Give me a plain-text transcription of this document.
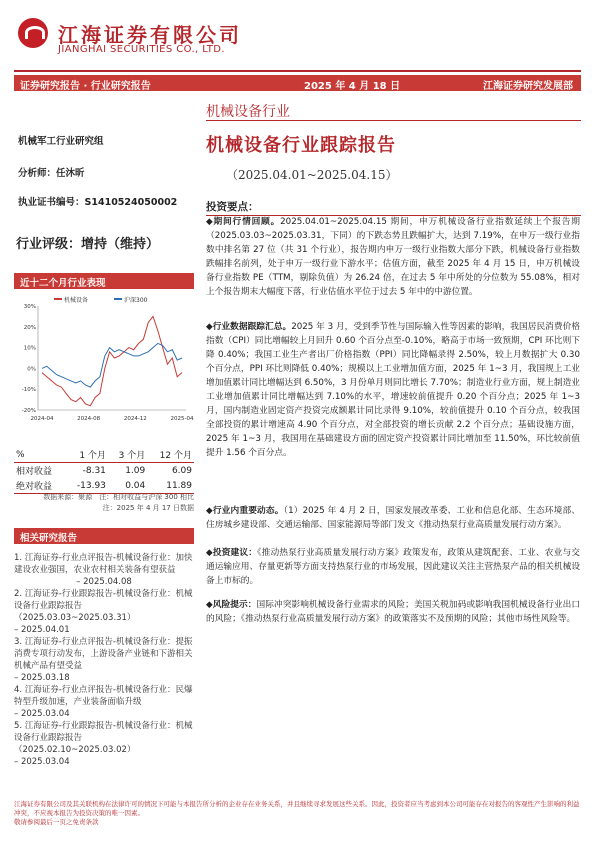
江海证券有限公司
JIANGHAI SECURITIES CO., LTD.
证券研究报告 · 行业研究报告	2025 年 4 月 18 日	江海证券研究发展部
机械设备行业
机械设备行业跟踪报告
（2025.04.01~2025.04.15）
机械军工行业研究组
分析师：任沐昕
执业证书编号：S1410524050002
行业评级：增持（维持）
近十二个月行业表现
-20%
-10%
0%
10%
20%
30%
2024-04	2024-08	2024-12	2025-04
机械设备	沪深300
%	1 个月	3 个月	12 个月
相对收益	-8.31	1.09	6.09
绝对收益	-13.93	0.04	11.89
数据来源：聚源　注：相对收益与沪深 300 相比
注：2025 年 4 月 17 日数据
相关研究报告
1. 江海证券-行业点评报告-机械设备行业：加快建设农业强国，农业农村相关装备有望获益
– 2025.04.08
2. 江海证券-行业跟踪报告-机械设备行业：机械设备行业跟踪报告（2025.03.03~2025.03.31）
– 2025.04.01
3. 江海证券-行业点评报告-机械设备行业：提振消费专项行动发布，上游设备产业链和下游相关机械产品有望受益
– 2025.03.18
4. 江海证券-行业点评报告-机械设备行业：民爆特型升级加速，产业装备面临升级
– 2025.03.04
5. 江海证券-行业跟踪报告-机械设备行业：机械设备行业跟踪报告（2025.02.10~2025.03.02）
– 2025.03.04
投资要点：
◆期间行情回顾。2025.04.01~2025.04.15 期间，申万机械设备行业指数延续上个报告期（2025.03.03~2025.03.31，下同）的下跌态势且跌幅扩大，达到 7.19%，在申万一级行业指数中排名第 27 位（共 31 个行业），报告期内申万一级行业指数大部分下跌，机械设备行业指数跌幅排名前列，处于申万一级行业下游水平；估值方面，截至 2025 年 4 月 15 日，申万机械设备行业指数 PE（TTM，剔除负值）为 26.24 倍，在过去 5 年中所处的分位数为 55.08%，相对上个报告期末大幅度下落，行业估值水平位于过去 5 年中的中游位置。
◆行业数据跟踪汇总。2025 年 3 月，受到季节性与国际输入性等因素的影响，我国居民消费价格指数（CPI）同比增幅较上月回升 0.60 个百分点至-0.10%，略高于市场一致预期，CPI 环比则下降 0.40%；我国工业生产者出厂价格指数（PPI）同比降幅录得 2.50%，较上月数据扩大 0.30 个百分点，PPI 环比则降低 0.40%；规模以上工业增加值方面，2025 年 1~3 月，我国规上工业增加值累计同比增幅达到 6.50%，3 月份单月则同比增长 7.70%；制造业行业方面，规上制造业工业增加值累计同比增幅达到 7.10%的水平，增速较前值提升 0.20 个百分点；2025 年 1~3 月，国内制造业固定资产投资完成额累计同比录得 9.10%，较前值提升 0.10 个百分点，较我国全部投资的累计增速高 4.90 个百分点，对全部投资的增长贡献 2.2 个百分点；基础设施方面，2025 年 1~3 月，我国用在基础建设方面的固定资产投资累计同比增加至 11.50%，环比较前值提升 1.56 个百分点。
◆行业内重要动态。（1）2025 年 4 月 2 日，国家发展改革委、工业和信息化部、生态环境部、住房城乡建设部、交通运输部、国家能源局等部门发文《推动热泵行业高质量发展行动方案》。
◆投资建议：《推动热泵行业高质量发展行动方案》政策发布，政策从建筑配套、工业、农业与交通运输应用、存量更新等方面支持热泵行业的市场发展，因此建议关注主营热泵产品的相关机械设备上市标的。
◆风险提示：国际冲突影响机械设备行业需求的风险；美国关税加码或影响我国机械设备行业出口的风险；《推动热泵行业高质量发展行动方案》的政策落实不及预期的风险；其他市场性风险等。
江海证券有限公司及其关联机构在法律许可的情况下可能与本报告所分析的企业存在业务关系，并且继续寻求发展这些关系。因此，投资者应当考虑到本公司可能存在对报告的客观性产生影响的利益冲突，不应视本报告为投资决策的唯一因素。
敬请参阅最后一页之免责条款
